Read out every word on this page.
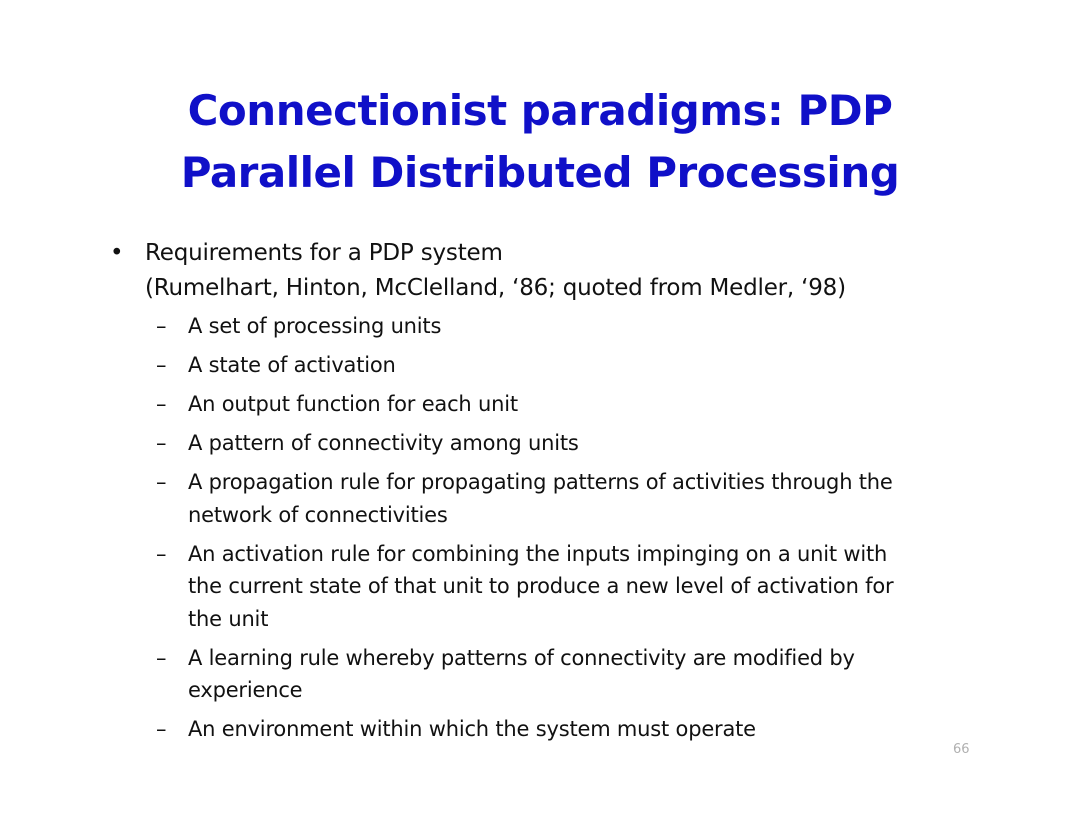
Connectionist paradigms: PDP
Parallel Distributed Processing
• Requirements for a PDP system
(Rumelhart, Hinton, McClelland, ‘86; quoted from Medler, ‘98)
– A set of processing units
– A state of activation
– An output function for each unit
– A pattern of connectivity among units
– A propagation rule for propagating patterns of activities through the
network of connectivities
– An activation rule for combining the inputs impinging on a unit with
the current state of that unit to produce a new level of activation for
the unit
– A learning rule whereby patterns of connectivity are modified by
experience
– An environment within which the system must operate
66
